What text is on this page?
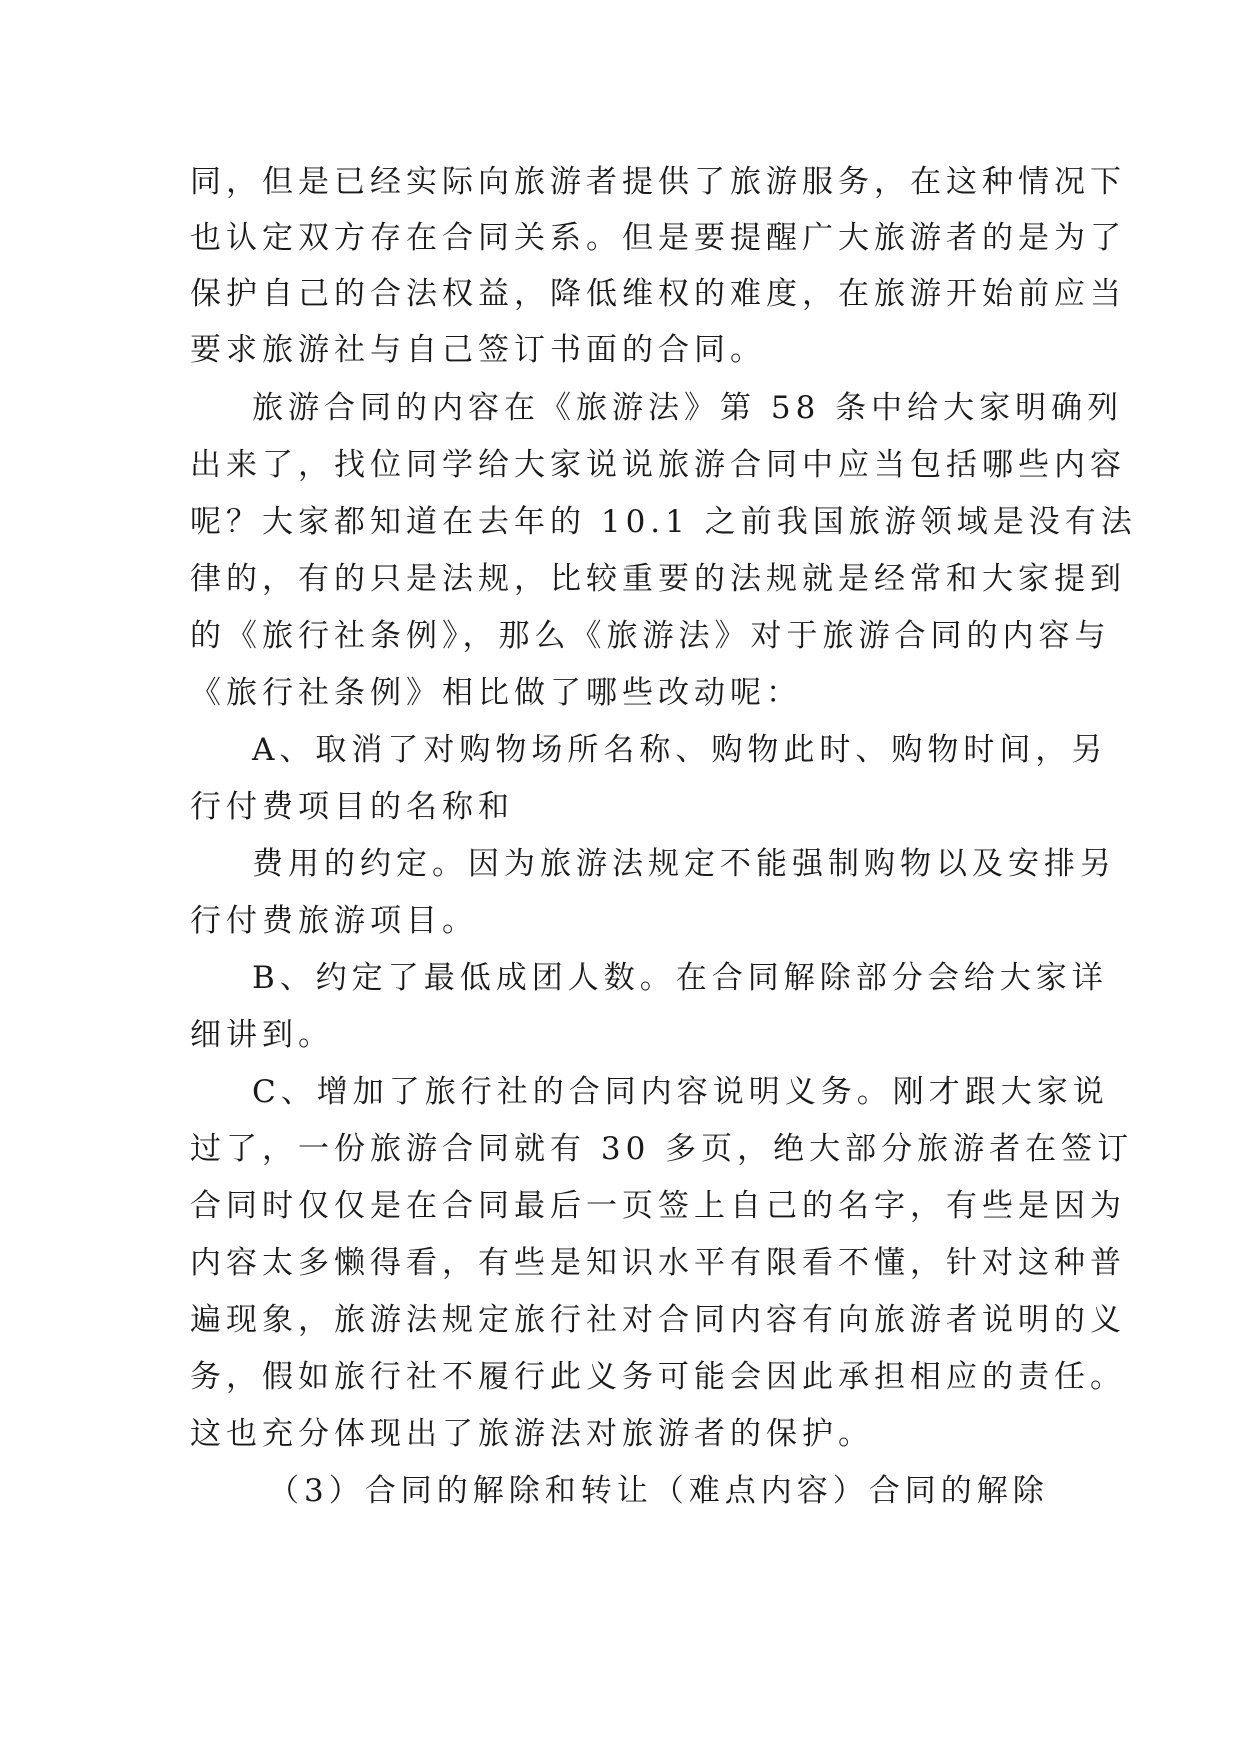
同，但是已经实际向旅游者提供了旅游服务，在这种情况下
也认定双方存在合同关系。但是要提醒广大旅游者的是为了
保护自己的合法权益，降低维权的难度，在旅游开始前应当
要求旅游社与自己签订书面的合同。
旅游合同的内容在《旅游法》第 58 条中给大家明确列
出来了，找位同学给大家说说旅游合同中应当包括哪些内容
呢？大家都知道在去年的 10.1 之前我国旅游领域是没有法
律的，有的只是法规，比较重要的法规就是经常和大家提到
的《旅行社条例》，那么《旅游法》对于旅游合同的内容与
《旅行社条例》相比做了哪些改动呢：
A、取消了对购物场所名称、购物此时、购物时间，另
行付费项目的名称和
费用的约定。因为旅游法规定不能强制购物以及安排另
行付费旅游项目。
B、约定了最低成团人数。在合同解除部分会给大家详
细讲到。
C、增加了旅行社的合同内容说明义务。刚才跟大家说
过了，一份旅游合同就有 30 多页，绝大部分旅游者在签订
合同时仅仅是在合同最后一页签上自己的名字，有些是因为
内容太多懒得看，有些是知识水平有限看不懂，针对这种普
遍现象，旅游法规定旅行社对合同内容有向旅游者说明的义
务，假如旅行社不履行此义务可能会因此承担相应的责任。
这也充分体现出了旅游法对旅游者的保护。
（3）合同的解除和转让（难点内容）合同的解除
